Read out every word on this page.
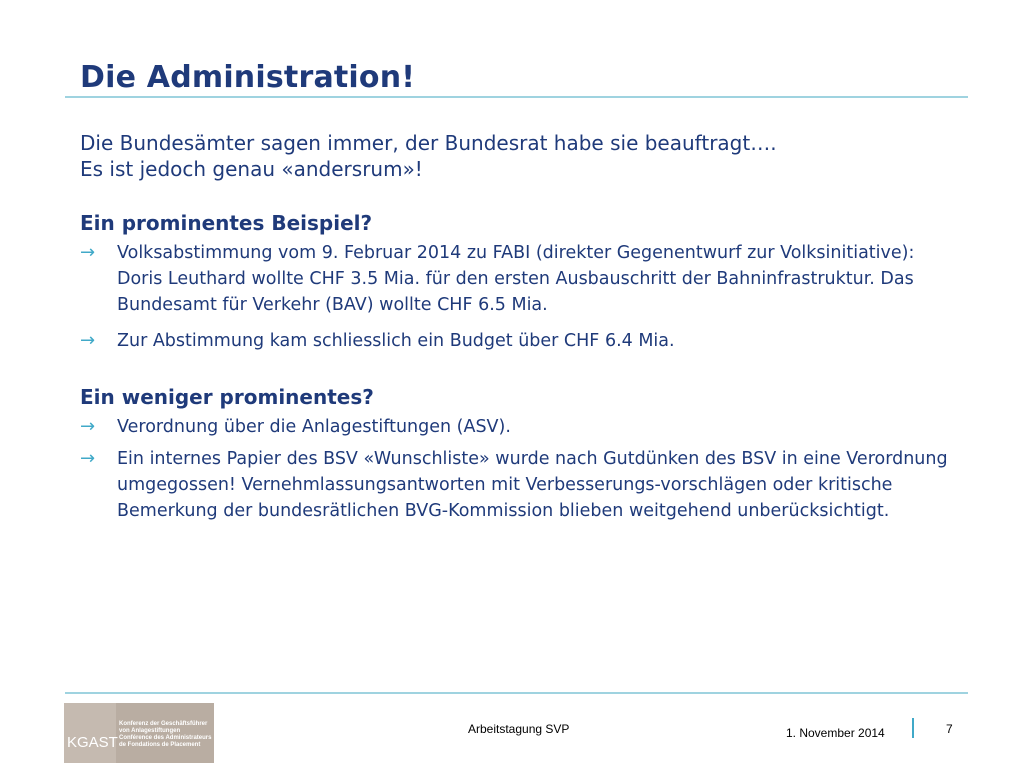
Die Administration!
Die Bundesämter sagen immer, der Bundesrat habe sie beauftragt….
Es ist jedoch genau «andersrum»!
Ein prominentes Beispiel?
→ Volksabstimmung vom 9. Februar 2014 zu FABI (direkter Gegenentwurf zur Volksinitiative): Doris Leuthard wollte CHF 3.5 Mia. für den ersten Ausbauschritt der Bahninfrastruktur. Das Bundesamt für Verkehr (BAV) wollte CHF 6.5 Mia.
→ Zur Abstimmung kam schliesslich ein Budget über CHF 6.4 Mia.
Ein weniger prominentes?
→ Verordnung über die Anlagestiftungen (ASV).
→ Ein internes Papier des BSV «Wunschliste» wurde nach Gutdünken des BSV in eine Verordnung umgegossen! Vernehmlassungsantworten mit Verbesserungs-vorschlägen oder kritische Bemerkung der bundesrätlichen BVG-Kommission blieben weitgehend unberücksichtigt.
KGAST
Konferenz der Geschäftsführer
von Anlagestiftungen
Conférence des Administrateurs
de Fondations de Placement
Arbeitstagung SVP	1. November 2014	7
